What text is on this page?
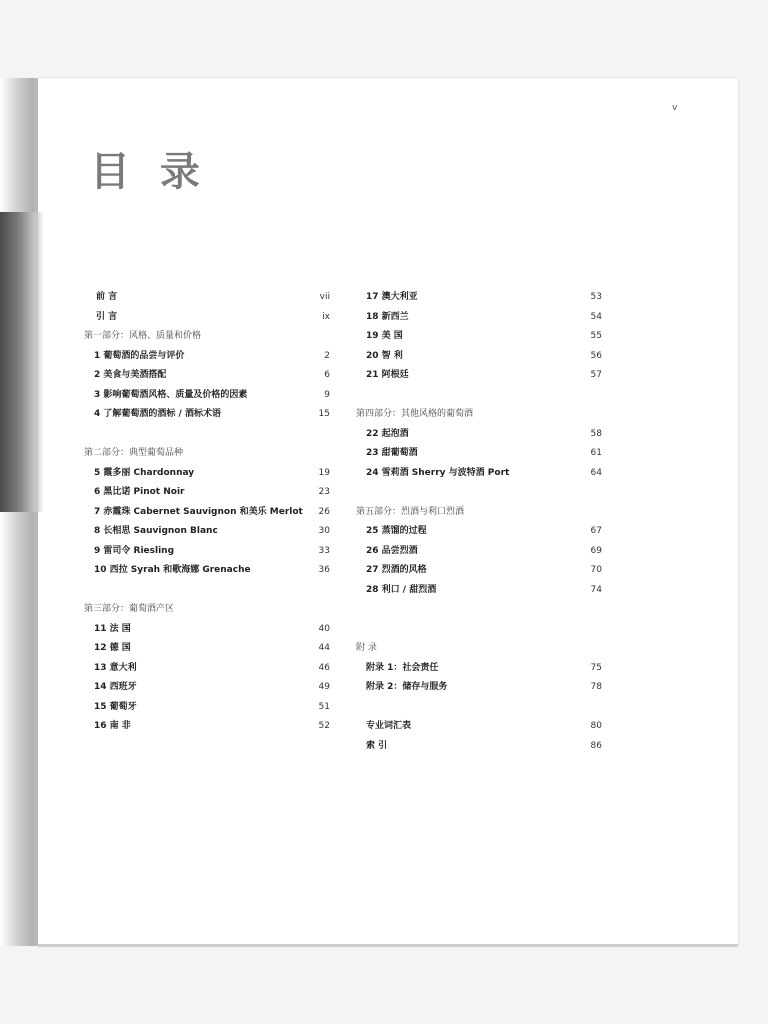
v
目 录
前 言	vii
引 言	ix
第一部分：风格、质量和价格
1 葡萄酒的品尝与评价	2
2 美食与美酒搭配	6
3 影响葡萄酒风格、质量及价格的因素	9
4 了解葡萄酒的酒标 / 酒标术语	15
第二部分：典型葡萄品种
5 霞多丽 Chardonnay	19
6 黑比诺 Pinot Noir	23
7 赤霞珠 Cabernet Sauvignon 和美乐 Merlot 26
8 长相思 Sauvignon Blanc	30
9 雷司令 Riesling	33
10 西拉 Syrah 和歌海娜 Grenache	36
第三部分：葡萄酒产区
11 法 国	40
12 德 国	44
13 意大利	46
14 西班牙	49
15 葡萄牙	51
16 南 非	52
17 澳大利亚	53
18 新西兰	54
19 美 国	55
20 智 利	56
21 阿根廷	57
第四部分：其他风格的葡萄酒
22 起泡酒	58
23 甜葡萄酒	61
24 雪莉酒 Sherry 与波特酒 Port	64
第五部分：烈酒与利口烈酒
25 蒸馏的过程	67
26 品尝烈酒	69
27 烈酒的风格	70
28 利口 / 甜烈酒	74
附 录
附录 1：社会责任	75
附录 2：储存与服务	78
专业词汇表	80
索 引	86
